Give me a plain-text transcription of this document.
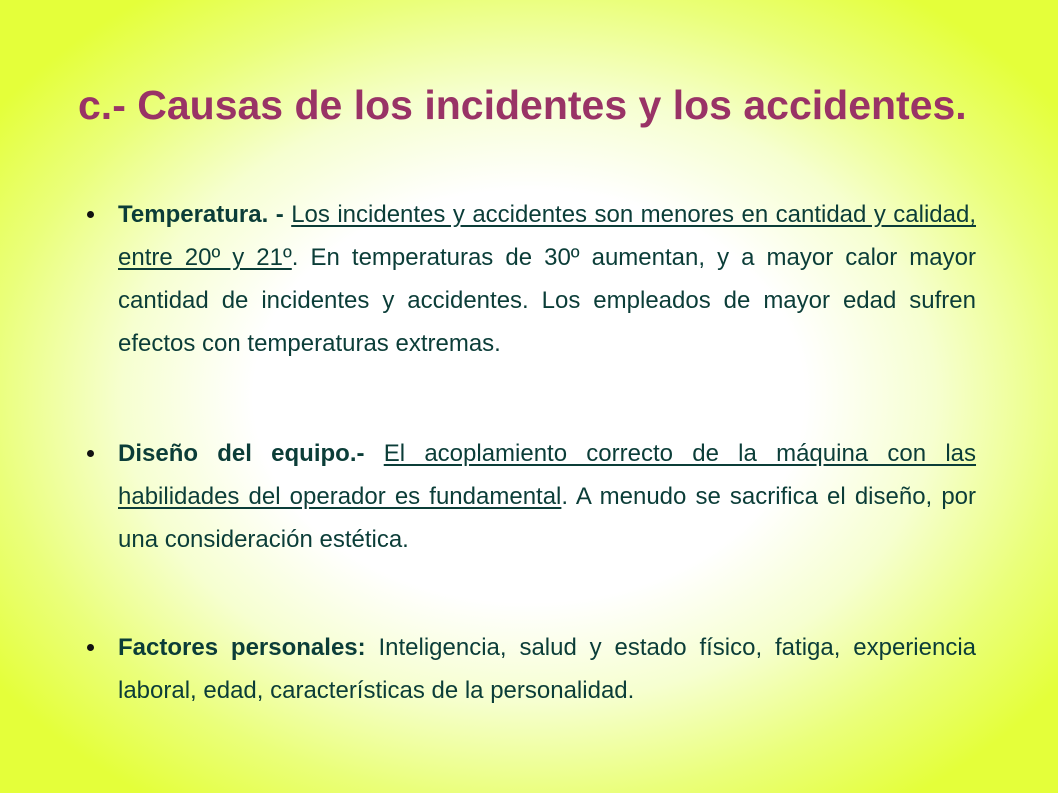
c.- Causas de los incidentes y los accidentes.
Temperatura. - Los incidentes y accidentes son menores en cantidad y calidad, entre 20º y 21º. En temperaturas de 30º aumentan, y a mayor calor mayor cantidad de incidentes y accidentes. Los empleados de mayor edad sufren efectos con temperaturas extremas.
Diseño del equipo.- El acoplamiento correcto de la máquina con las habilidades del operador es fundamental. A menudo se sacrifica el diseño, por una consideración estética.
Factores personales: Inteligencia, salud y estado físico, fatiga, experiencia laboral, edad, características de la personalidad.
